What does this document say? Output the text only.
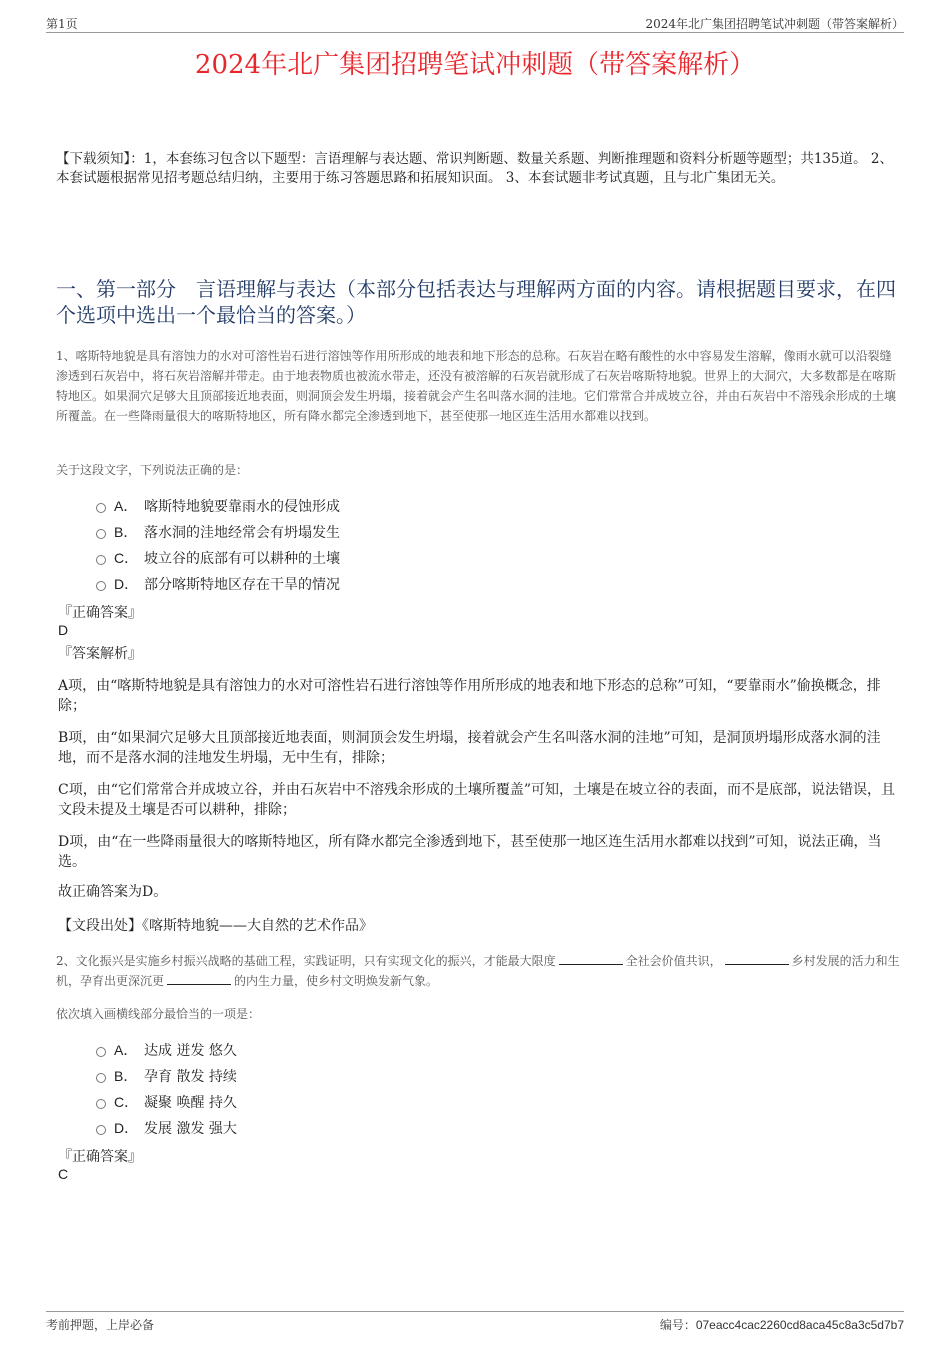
第1页	2024年北广集团招聘笔试冲刺题（带答案解析）
2024年北广集团招聘笔试冲刺题（带答案解析）
【下载须知】：1，本套练习包含以下题型：言语理解与表达题、常识判断题、数量关系题、判断推理题和资料分析题等题型；共135道。 2、本套试题根据常见招考题总结归纳，主要用于练习答题思路和拓展知识面。 3、本套试题非考试真题，且与北广集团无关。
一、第一部分　言语理解与表达（本部分包括表达与理解两方面的内容。请根据题目要求，在四个选项中选出一个最恰当的答案。）
1、喀斯特地貌是具有溶蚀力的水对可溶性岩石进行溶蚀等作用所形成的地表和地下形态的总称。石灰岩在略有酸性的水中容易发生溶解，像雨水就可以沿裂缝渗透到石灰岩中，将石灰岩溶解并带走。由于地表物质也被流水带走，还没有被溶解的石灰岩就形成了石灰岩喀斯特地貌。世界上的大洞穴，大多数都是在喀斯特地区。如果洞穴足够大且顶部接近地表面，则洞顶会发生坍塌，接着就会产生名叫落水洞的洼地。它们常常合并成坡立谷，并由石灰岩中不溶残余形成的土壤所覆盖。在一些降雨量很大的喀斯特地区，所有降水都完全渗透到地下，甚至使那一地区连生活用水都难以找到。
关于这段文字，下列说法正确的是：
A． 喀斯特地貌要靠雨水的侵蚀形成
B． 落水洞的洼地经常会有坍塌发生
C． 坡立谷的底部有可以耕种的土壤
D． 部分喀斯特地区存在干旱的情况
『正确答案』
D
『答案解析』
A项，由“喀斯特地貌是具有溶蚀力的水对可溶性岩石进行溶蚀等作用所形成的地表和地下形态的总称”可知，“要靠雨水”偷换概念，排除；
B项，由“如果洞穴足够大且顶部接近地表面，则洞顶会发生坍塌，接着就会产生名叫落水洞的洼地”可知，是洞顶坍塌形成落水洞的洼地，而不是落水洞的洼地发生坍塌，无中生有，排除；
C项，由“它们常常合并成坡立谷，并由石灰岩中不溶残余形成的土壤所覆盖”可知，土壤是在坡立谷的表面，而不是底部，说法错误，且文段未提及土壤是否可以耕种，排除；
D项，由“在一些降雨量很大的喀斯特地区，所有降水都完全渗透到地下，甚至使那一地区连生活用水都难以找到”可知，说法正确，当选。
故正确答案为D。
【文段出处】《喀斯特地貌——大自然的艺术作品》
2、文化振兴是实施乡村振兴战略的基础工程，实践证明，只有实现文化的振兴，才能最大限度	全社会价值共识，	乡村发展的活力和生机，孕育出更深沉更	的内生力量，使乡村文明焕发新气象。
依次填入画横线部分最恰当的一项是：
A． 达成 迸发 悠久
B． 孕育 散发 持续
C． 凝聚 唤醒 持久
D． 发展 激发 强大
『正确答案』
C
考前押题，上岸必备	编号：07eacc4cac2260cd8aca45c8a3c5d7b7
